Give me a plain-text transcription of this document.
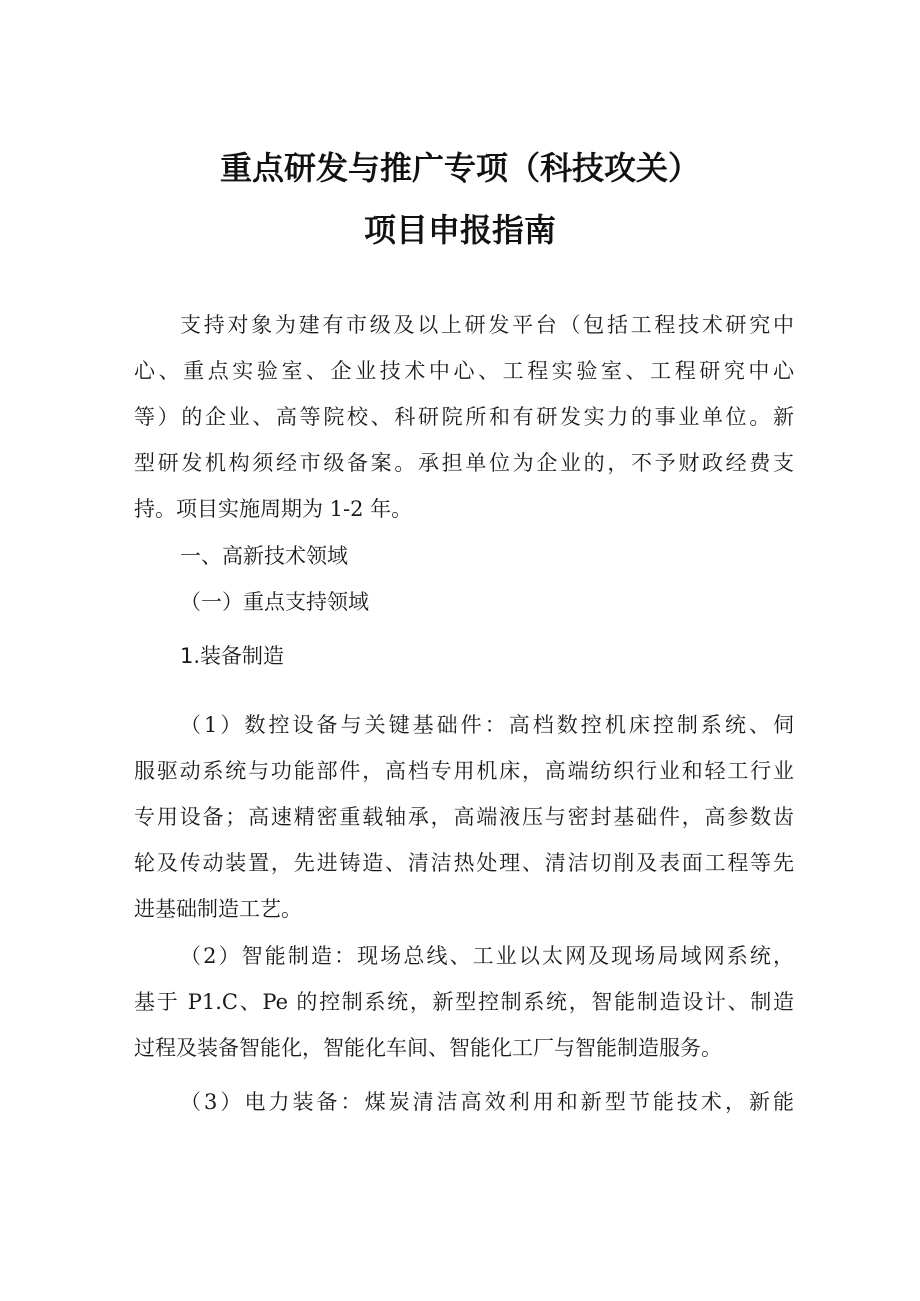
重点研发与推广专项（科技攻关）
项目申报指南
支持对象为建有市级及以上研发平台（包括工程技术研究中
心、重点实验室、企业技术中心、工程实验室、工程研究中心
等）的企业、高等院校、科研院所和有研发实力的事业单位。新
型研发机构须经市级备案。承担单位为企业的，不予财政经费支
持。项目实施周期为 1-2 年。
一、高新技术领域
（一）重点支持领域
1.装备制造
（1）数控设备与关键基础件：高档数控机床控制系统、伺
服驱动系统与功能部件，高档专用机床，高端纺织行业和轻工行业
专用设备；高速精密重载轴承，高端液压与密封基础件，高参数齿
轮及传动装置，先进铸造、清洁热处理、清洁切削及表面工程等先
进基础制造工艺。
（2）智能制造：现场总线、工业以太网及现场局域网系统，
基于 P1.C、Pe 的控制系统，新型控制系统，智能制造设计、制造
过程及装备智能化，智能化车间、智能化工厂与智能制造服务。
（3）电力装备：煤炭清洁高效利用和新型节能技术，新能
